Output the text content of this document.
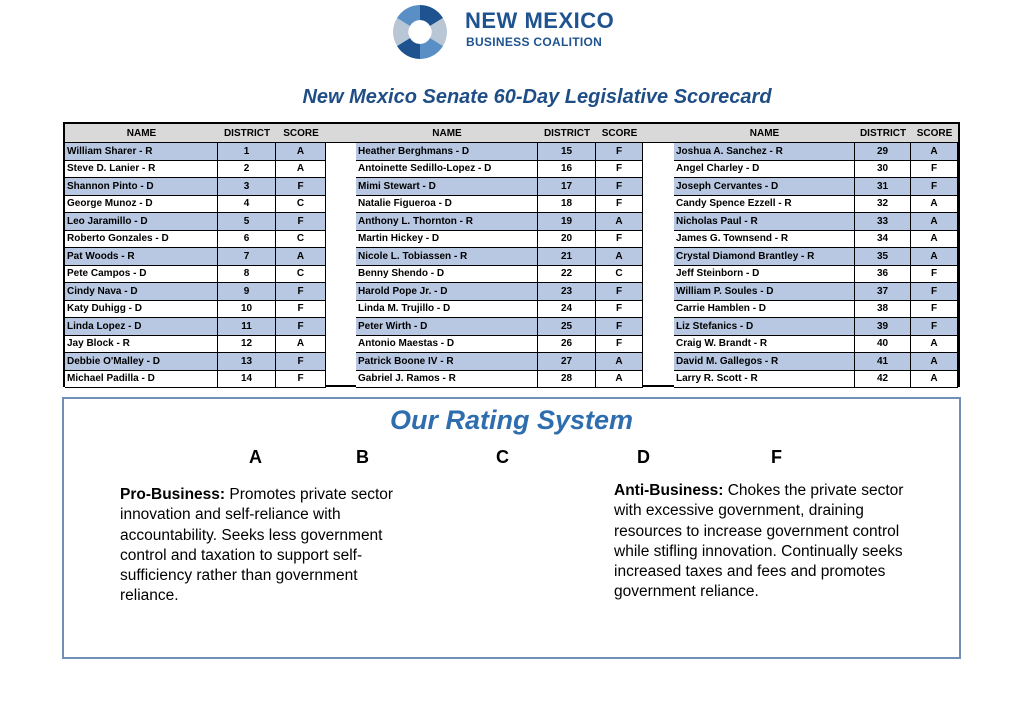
NEW MEXICO
BUSINESS COALITION
New Mexico Senate 60-Day Legislative Scorecard
NAME	DISTRICT	SCORE
William Sharer - R	1	A
Steve D. Lanier - R	2	A
Shannon Pinto - D	3	F
George Munoz - D	4	C
Leo Jaramillo - D	5	F
Roberto Gonzales - D	6	C
Pat Woods - R	7	A
Pete Campos - D	8	C
Cindy Nava - D	9	F
Katy Duhigg - D	10	F
Linda Lopez - D	11	F
Jay Block - R	12	A
Debbie O'Malley - D	13	F
Michael Padilla - D	14	F
NAME	DISTRICT	SCORE
Heather Berghmans - D	15	F
Antoinette Sedillo-Lopez - D	16	F
Mimi Stewart - D	17	F
Natalie Figueroa - D	18	F
Anthony L. Thornton - R	19	A
Martin Hickey - D	20	F
Nicole L. Tobiassen - R	21	A
Benny Shendo - D	22	C
Harold Pope Jr. - D	23	F
Linda M. Trujillo - D	24	F
Peter Wirth - D	25	F
Antonio Maestas - D	26	F
Patrick Boone IV - R	27	A
Gabriel J. Ramos - R	28	A
NAME	DISTRICT	SCORE
Joshua A. Sanchez - R	29	A
Angel Charley - D	30	F
Joseph Cervantes - D	31	F
Candy Spence Ezzell - R	32	A
Nicholas Paul - R	33	A
James G. Townsend - R	34	A
Crystal Diamond Brantley - R	35	A
Jeff Steinborn - D	36	F
William P. Soules - D	37	F
Carrie Hamblen - D	38	F
Liz Stefanics - D	39	F
Craig W. Brandt - R	40	A
David M. Gallegos - R	41	A
Larry R. Scott - R	42	A
Our Rating System
A	B	C	D	F
Pro-Business: Promotes private sector innovation and self-reliance with accountability. Seeks less government control and taxation to support self-sufficiency rather than government reliance.
Anti-Business: Chokes the private sector with excessive government, draining resources to increase government control while stifling innovation. Continually seeks increased taxes and fees and promotes government reliance.
